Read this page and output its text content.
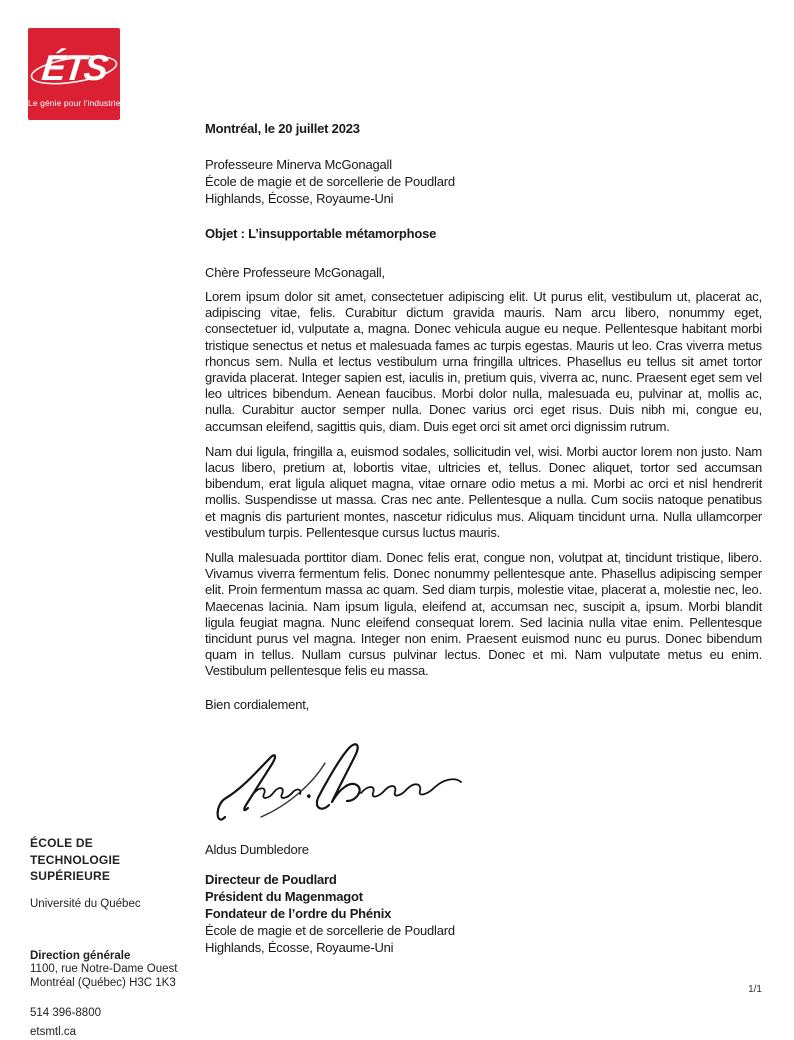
ÉTS
Le génie pour l'industrie

Montréal, le 20 juillet 2023

Professeure Minerva McGonagall
École de magie et de sorcellerie de Poudlard
Highlands, Écosse, Royaume-Uni

Objet : L’insupportable métamorphose

Chère Professeure McGonagall,

Lorem ipsum dolor sit amet, consectetuer adipiscing elit. Ut purus elit, vestibulum ut, placerat ac, adipiscing vitae, felis. Curabitur dictum gravida mauris. Nam arcu libero, nonummy eget, consectetuer id, vulputate a, magna. Donec vehicula augue eu neque. Pellentesque habitant morbi tristique senectus et netus et malesuada fames ac turpis egestas. Mauris ut leo. Cras viverra metus rhoncus sem. Nulla et lectus vestibulum urna fringilla ultrices. Phasellus eu tellus sit amet tortor gravida placerat. Integer sapien est, iaculis in, pretium quis, viverra ac, nunc. Praesent eget sem vel leo ultrices bibendum. Aenean faucibus. Morbi dolor nulla, malesuada eu, pulvinar at, mollis ac, nulla. Curabitur auctor semper nulla. Donec varius orci eget risus. Duis nibh mi, congue eu, accumsan eleifend, sagittis quis, diam. Duis eget orci sit amet orci dignissim rutrum.

Nam dui ligula, fringilla a, euismod sodales, sollicitudin vel, wisi. Morbi auctor lorem non justo. Nam lacus libero, pretium at, lobortis vitae, ultricies et, tellus. Donec aliquet, tortor sed accumsan bibendum, erat ligula aliquet magna, vitae ornare odio metus a mi. Morbi ac orci et nisl hendrerit mollis. Suspendisse ut massa. Cras nec ante. Pellentesque a nulla. Cum sociis natoque penatibus et magnis dis parturient montes, nascetur ridiculus mus. Aliquam tincidunt urna. Nulla ullamcorper vestibulum turpis. Pellentesque cursus luctus mauris.

Nulla malesuada porttitor diam. Donec felis erat, congue non, volutpat at, tincidunt tristique, libero. Vivamus viverra fermentum felis. Donec nonummy pellentesque ante. Phasellus adipiscing semper elit. Proin fermentum massa ac quam. Sed diam turpis, molestie vitae, placerat a, molestie nec, leo. Maecenas lacinia. Nam ipsum ligula, eleifend at, accumsan nec, suscipit a, ipsum. Morbi blandit ligula feugiat magna. Nunc eleifend consequat lorem. Sed lacinia nulla vitae enim. Pellentesque tincidunt purus vel magna. Integer non enim. Praesent euismod nunc eu purus. Donec bibendum quam in tellus. Nullam cursus pulvinar lectus. Donec et mi. Nam vulputate metus eu enim. Vestibulum pellentesque felis eu massa.

Bien cordialement,

Aldus Dumbledore

Directeur de Poudlard
Président du Magenmagot
Fondateur de l’ordre du Phénix
École de magie et de sorcellerie de Poudlard
Highlands, Écosse, Royaume-Uni
ÉCOLE DE TECHNOLOGIE SUPÉRIEURE
Université du Québec
Direction générale
1100, rue Notre-Dame Ouest
Montréal (Québec) H3C 1K3
514 396-8800
etsmtl.ca
1/1
